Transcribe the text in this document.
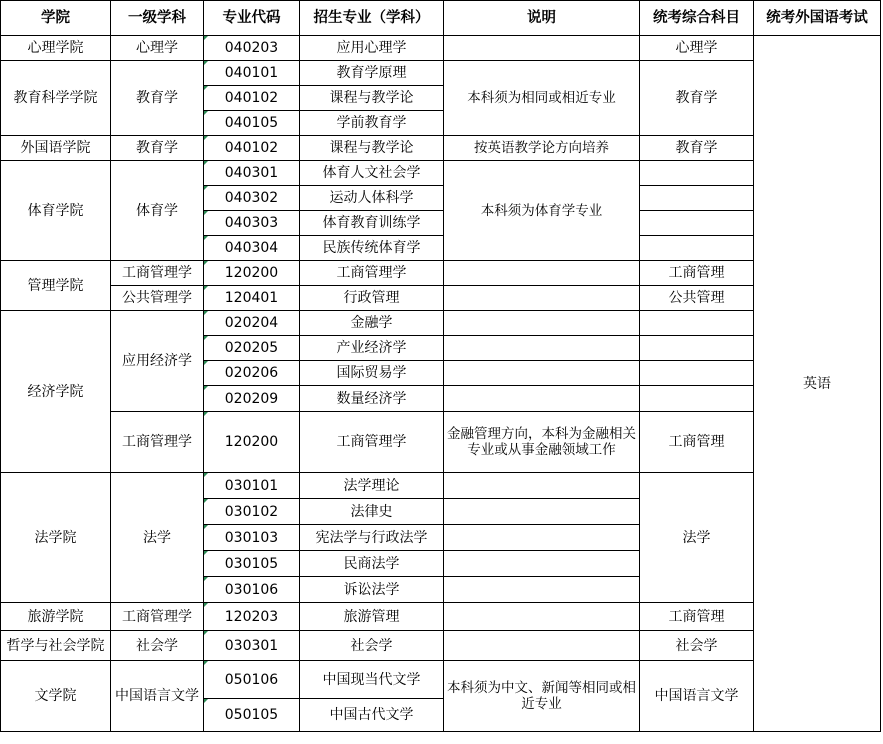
学院	一级学科	专业代码	招生专业（学科）	说明	统考综合科目	统考外国语考试
心理学院	心理学	040203	应用心理学		心理学	英语
教育科学学院	教育学	040101	教育学原理	本科须为相同或相近专业	教育学	
		040102	课程与教学论			
		040105	学前教育学			
外国语学院	教育学	040102	课程与教学论	按英语教学论方向培养	教育学	
体育学院	体育学	040301	体育人文社会学	本科须为体育学专业		
		040302	运动人体科学			
		040303	体育教育训练学			
		040304	民族传统体育学			
管理学院	工商管理学	120200	工商管理学		工商管理	
	公共管理学	120401	行政管理		公共管理	
经济学院	应用经济学	020204	金融学			
		020205	产业经济学			
		020206	国际贸易学			
		020209	数量经济学			
	工商管理学	120200	工商管理学	金融管理方向，本科为金融相关专业或从事金融领域工作	工商管理	
法学院	法学	030101	法学理论		法学	
		030102	法律史			
		030103	宪法学与行政法学			
		030105	民商法学			
		030106	诉讼法学			
旅游学院	工商管理学	120203	旅游管理		工商管理	
哲学与社会学院	社会学	030301	社会学		社会学	
文学院	中国语言文学	050106	中国现当代文学	本科须为中文、新闻等相同或相近专业	中国语言文学	
		050105	中国古代文学			
